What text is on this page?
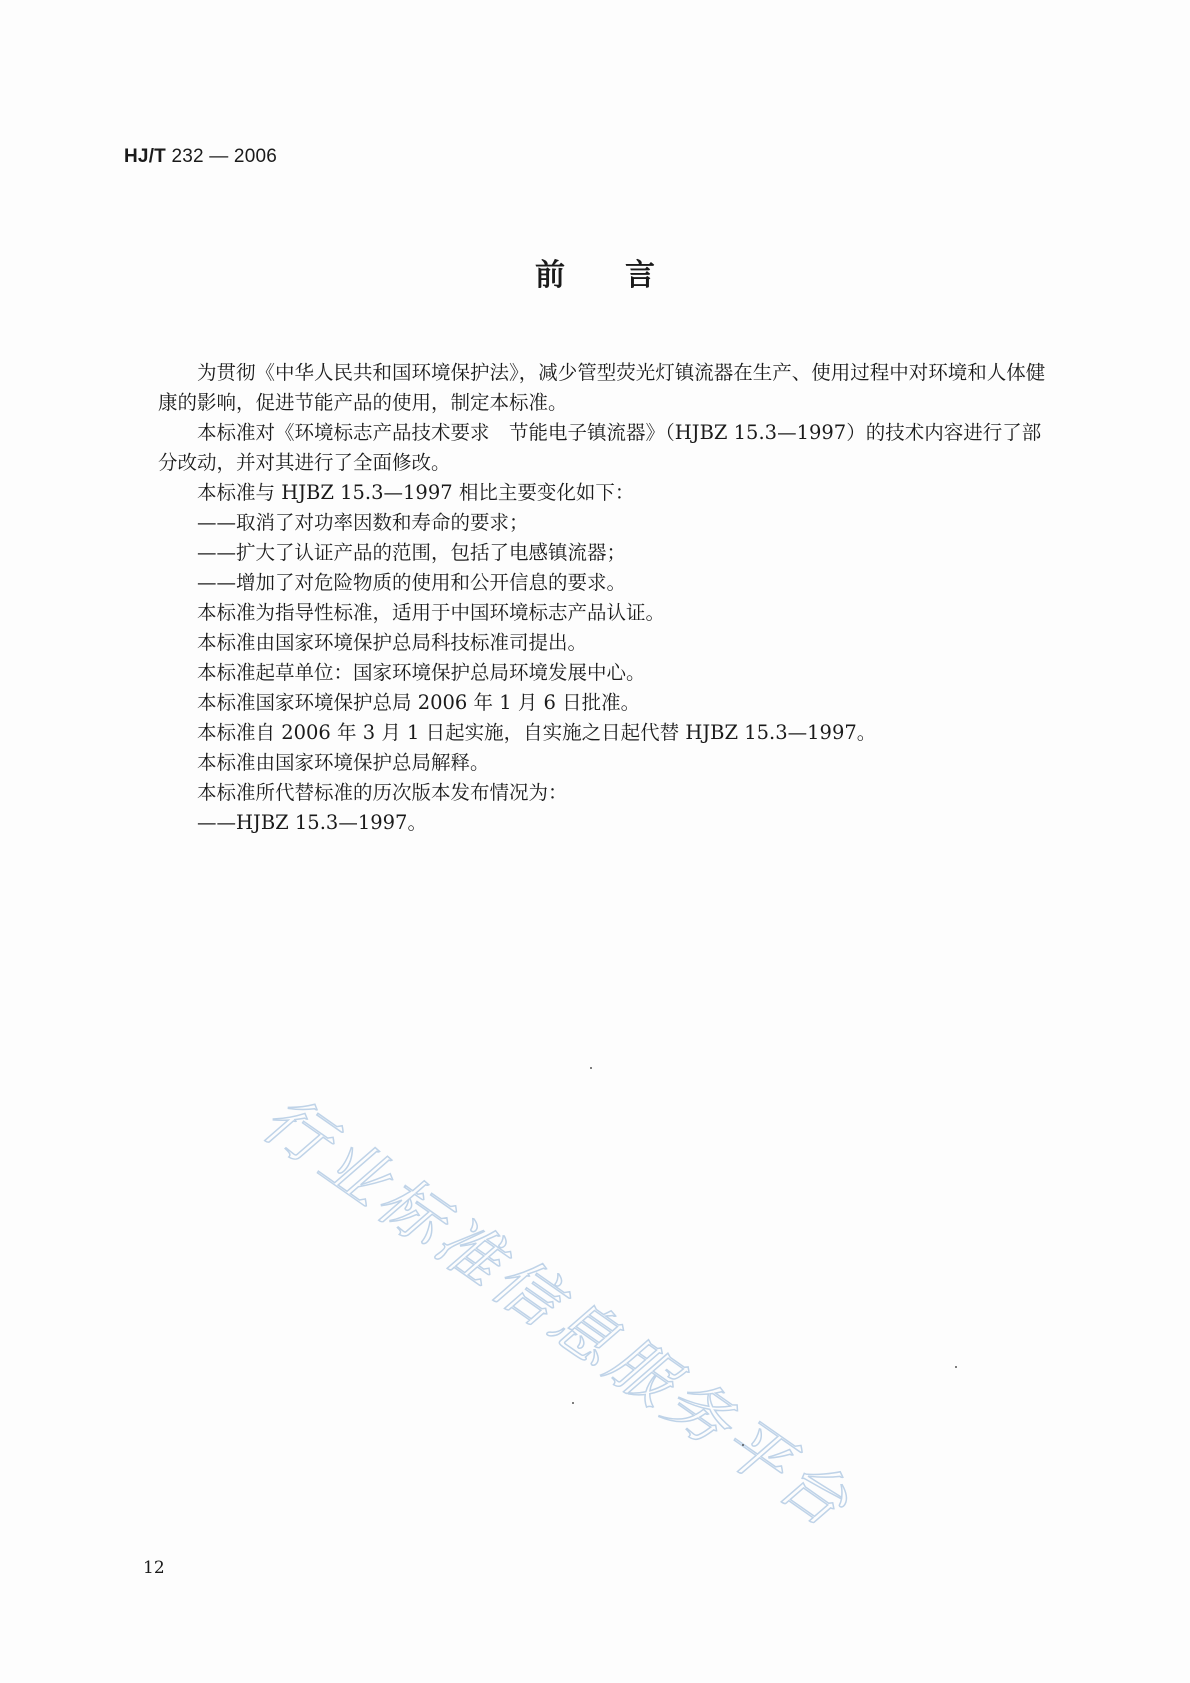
HJ/T 232 — 2006
前言

为贯彻《中华人民共和国环境保护法》，减少管型荧光灯镇流器在生产、使用过程中对环境和人体健康的影响，促进节能产品的使用，制定本标准。

本标准对《环境标志产品技术要求　节能电子镇流器》（HJBZ 15.3—1997）的技术内容进行了部分改动，并对其进行了全面修改。

本标准与 HJBZ 15.3—1997 相比主要变化如下：

——取消了对功率因数和寿命的要求；

——扩大了认证产品的范围，包括了电感镇流器；

——增加了对危险物质的使用和公开信息的要求。

本标准为指导性标准，适用于中国环境标志产品认证。

本标准由国家环境保护总局科技标准司提出。

本标准起草单位：国家环境保护总局环境发展中心。

本标准国家环境保护总局 2006 年 1 月 6 日批准。

本标准自 2006 年 3 月 1 日起实施，自实施之日起代替 HJBZ 15.3—1997。

本标准由国家环境保护总局解释。

本标准所代替标准的历次版本发布情况为：

——HJBZ 15.3—1997。

行业标准信息服务平台
12
